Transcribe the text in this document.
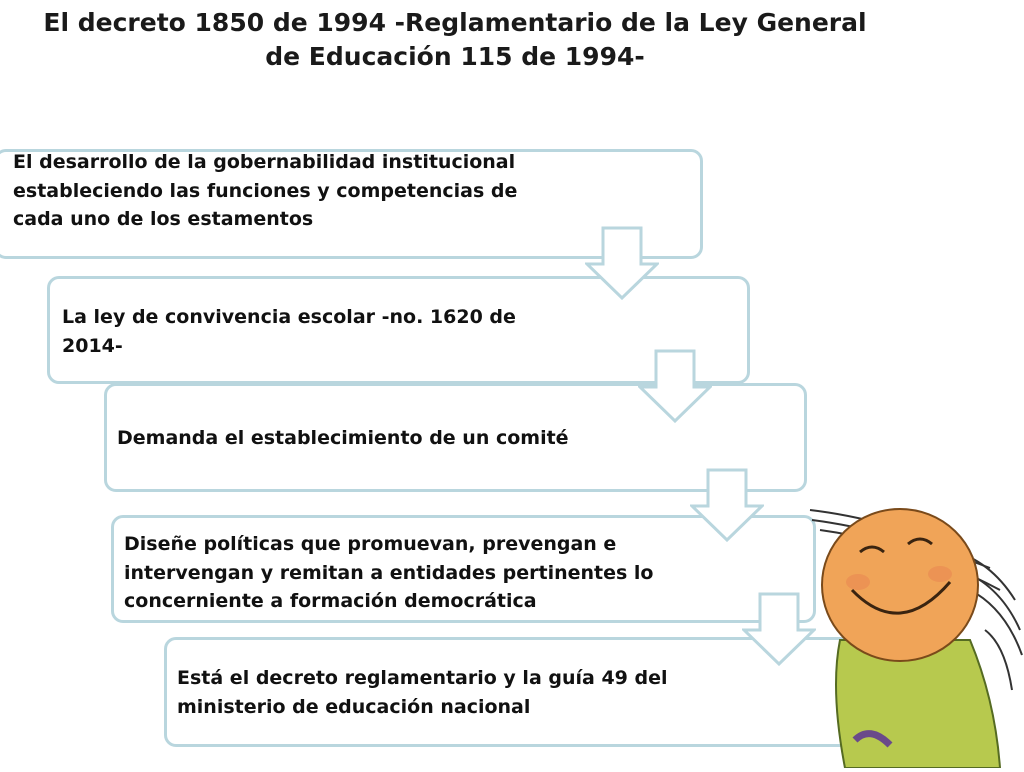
El decreto 1850 de 1994 -Reglamentario de la Ley General de Educación 115 de 1994-
El desarrollo de la gobernabilidad institucional estableciendo las funciones y competencias de cada uno de los estamentos
La ley de convivencia escolar -no. 1620 de 2014-
Demanda el establecimiento de un comité
Diseñe políticas que promuevan, prevengan e intervengan y remitan a entidades pertinentes lo concerniente a formación democrática
Está el decreto reglamentario y la guía 49 del ministerio de educación nacional
